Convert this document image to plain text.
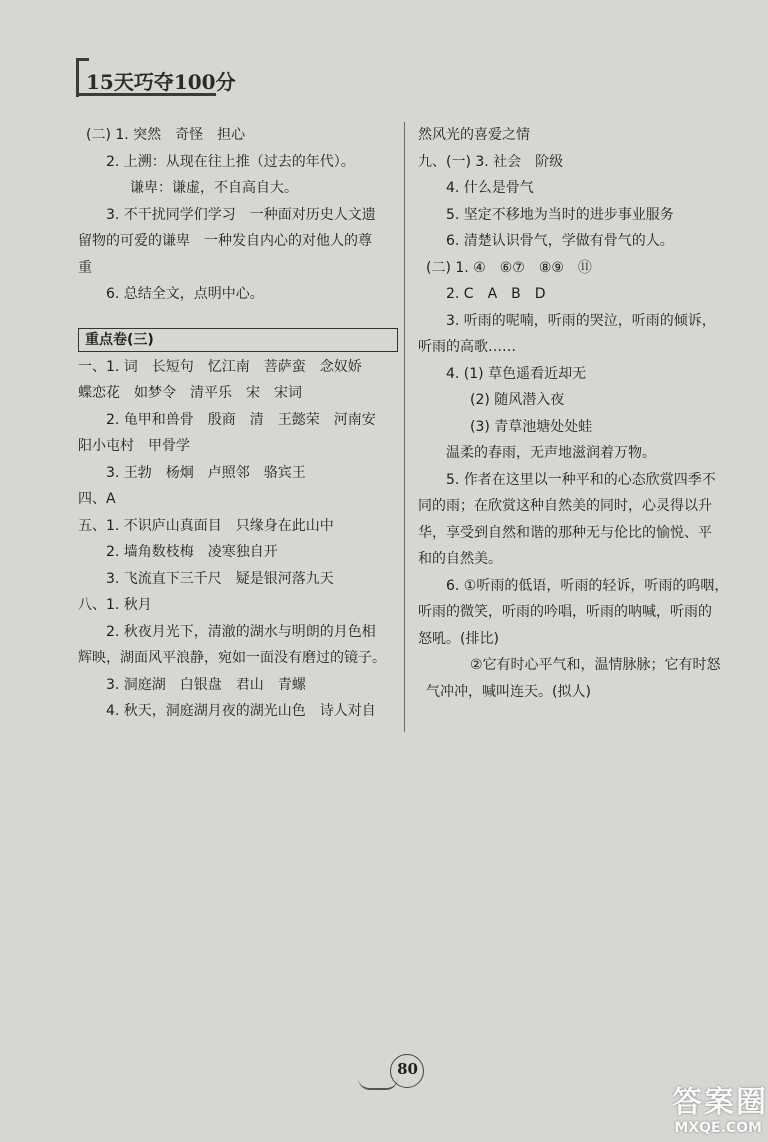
15天巧夺100分
(二) 1. 突然　奇怪　担心
2. 上溯：从现在往上推（过去的年代）。
谦卑：谦虚，不自高自大。
3. 不干扰同学们学习　一种面对历史人文遗
留物的可爱的谦卑　一种发自内心的对他人的尊
重
6. 总结全文，点明中心。
重点卷(三)
一、1. 词　长短句　忆江南　菩萨蛮　念奴娇
蝶恋花　如梦令　清平乐　宋　宋词
2. 龟甲和兽骨　殷商　清　王懿荣　河南安
阳小屯村　甲骨学
3. 王勃　杨炯　卢照邻　骆宾王
四、A
五、1. 不识庐山真面目　只缘身在此山中
2. 墙角数枝梅　凌寒独自开
3. 飞流直下三千尺　疑是银河落九天
八、1. 秋月
2. 秋夜月光下，清澈的湖水与明朗的月色相
辉映，湖面风平浪静，宛如一面没有磨过的镜子。
3. 洞庭湖　白银盘　君山　青螺
4. 秋天，洞庭湖月夜的湖光山色　诗人对自
然风光的喜爱之情
九、(一) 3. 社会　阶级
4. 什么是骨气
5. 坚定不移地为当时的进步事业服务
6. 清楚认识骨气，学做有骨气的人。
(二) 1. ④　⑥⑦　⑧⑨　⑪
2. C　A　B　D
3. 听雨的呢喃，听雨的哭泣，听雨的倾诉，
听雨的高歌……
4. (1) 草色遥看近却无
(2) 随风潜入夜
(3) 青草池塘处处蛙
温柔的春雨，无声地滋润着万物。
5. 作者在这里以一种平和的心态欣赏四季不
同的雨；在欣赏这种自然美的同时，心灵得以升
华，享受到自然和谐的那种无与伦比的愉悦、平
和的自然美。
6. ①听雨的低语，听雨的轻诉，听雨的呜咽，
听雨的微笑，听雨的吟唱，听雨的呐喊，听雨的
怒吼。(排比)
②它有时心平气和，温情脉脉；它有时怒
气冲冲，喊叫连天。(拟人)
80
答案圈
MXQE.COM
